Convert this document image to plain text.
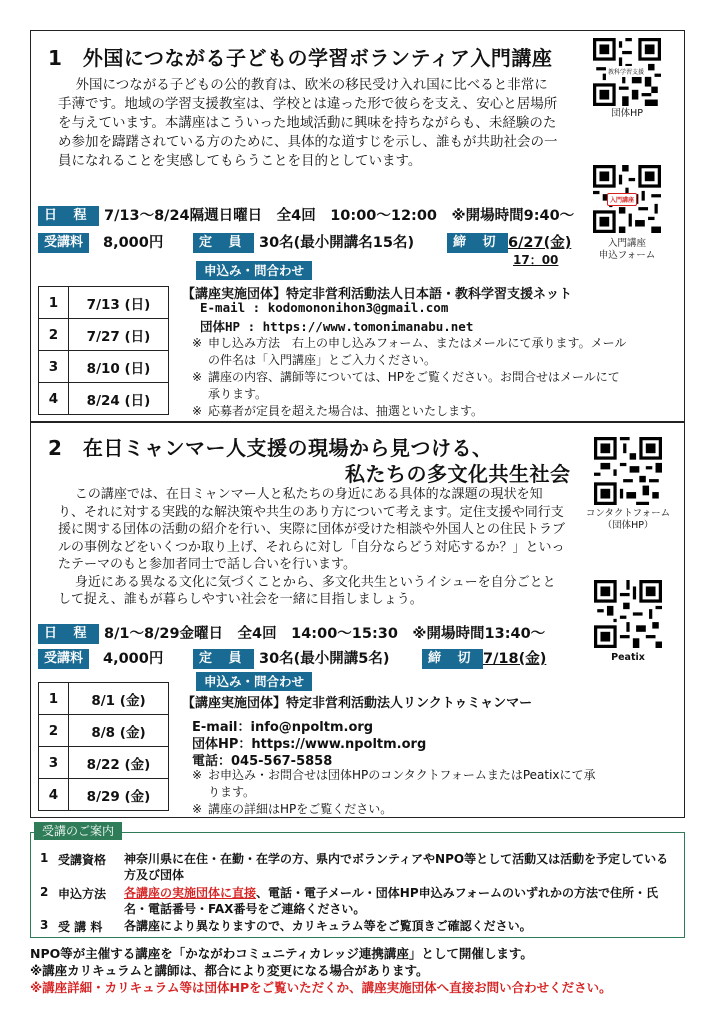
1　外国につながる子どもの学習ボランティア入門講座

外国につながる子どもの公的教育は、欧米の移民受け入れ国に比べると非常に手薄です。地域の学習支援教室は、学校とは違った形で彼らを支え、安心と居場所を与えています。本講座はこういった地域活動に興味を持ちながらも、未経験のため参加を躊躇されている方のために、具体的な道すじを示し、誰もが共助社会の一員になれることを実感してもらうことを目的としています。

教科学習支援
団体HP
入門講座
入門講座
申込フォーム
日 程 7/13～8/24隔週日曜日　全4回　10:00～12:00　※開場時間9:40～
受講料	8,000円	定 員 30名(最小開講名15名)	締 切 6/27(金)
17：00
申込み・問合わせ
1	7/13 (日)
2	7/27 (日)
3	8/10 (日)
4	8/24 (日)
【講座実施団体】特定非営利活動法人日本語・教科学習支援ネット
E-mail : kodomononihon3@gmail.com
団体HP : https://www.tomonimanabu.net
※ 申し込み方法　右上の申し込みフォーム、またはメールにて承ります。メール
の件名は「入門講座」とご入力ください。
※ 講座の内容、講師等については、HPをご覧ください。お問合せはメールにて
承ります。
※ 応募者が定員を超えた場合は、抽選といたします。
2　在日ミャンマー人支援の現場から見つける、
私たちの多文化共生社会

この講座では、在日ミャンマー人と私たちの身近にある具体的な課題の現状を知り、それに対する実践的な解決策や共生のあり方について考えます。定住支援や同行支援に関する団体の活動の紹介を行い、実際に団体が受けた相談や外国人との住民トラブルの事例などをいくつか取り上げ、それらに対し「自分ならどう対応するか？」といったテーマのもと参加者同士で話し合いを行います。

身近にある異なる文化に気づくことから、多文化共生というイシューを自分ごととして捉え、誰もが暮らしやすい社会を一緒に目指しましょう。

コンタクトフォーム
（団体HP）
Peatix
日 程 8/1～8/29金曜日　全4回　14:00～15:30　※開場時間13:40～
受講料	4,000円	定 員 30名(最小開講5名)	締 切 7/18(金)
申込み・問合わせ
1	8/1 (金)
2	8/8 (金)
3	8/22 (金)
4	8/29 (金)
【講座実施団体】特定非営利活動法人リンクトゥミャンマー
E-mail：info@npoltm.org
団体HP：https://www.npoltm.org
電話：045-567-5858
※ お申込み・お問合せは団体HPのコンタクトフォームまたはPeatixにて承
ります。
※ 講座の詳細はHPをご覧ください。
受講のご案内
1 受講資格 神奈川県に在住・在勤・在学の方、県内でボランティアやNPO等として活動又は活動を予定している方及び団体
2 申込方法 各講座の実施団体に直接、電話・電子メール・団体HP申込みフォームのいずれかの方法で住所・氏名・電話番号・FAX番号をご連絡ください。
3 受 講 料 各講座により異なりますので、カリキュラム等をご覧頂きご確認ください。
NPO等が主催する講座を「かながわコミュニティカレッジ連携講座」として開催します。
※講座カリキュラムと講師は、都合により変更になる場合があります。
※講座詳細・カリキュラム等は団体HPをご覧いただくか、講座実施団体へ直接お問い合わせください。
